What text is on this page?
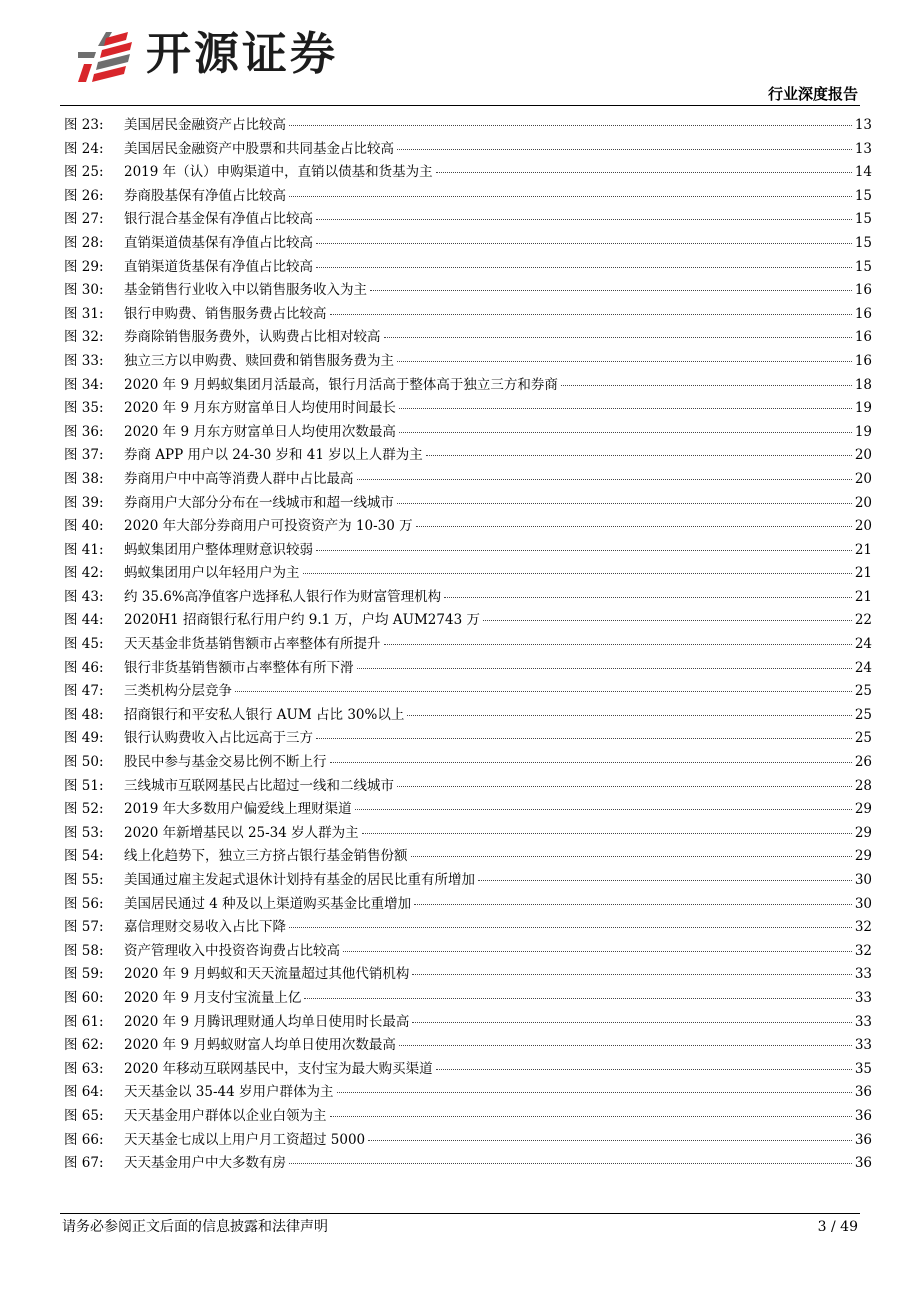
开源证券
行业深度报告
图 23:	美国居民金融资产占比较高	13
图 24:	美国居民金融资产中股票和共同基金占比较高	13
图 25:	2019 年（认）申购渠道中，直销以债基和货基为主	14
图 26:	券商股基保有净值占比较高	15
图 27:	银行混合基金保有净值占比较高	15
图 28:	直销渠道债基保有净值占比较高	15
图 29:	直销渠道货基保有净值占比较高	15
图 30:	基金销售行业收入中以销售服务收入为主	16
图 31:	银行申购费、销售服务费占比较高	16
图 32:	券商除销售服务费外，认购费占比相对较高	16
图 33:	独立三方以申购费、赎回费和销售服务费为主	16
图 34:	2020 年 9 月蚂蚁集团月活最高，银行月活高于整体高于独立三方和券商	18
图 35:	2020 年 9 月东方财富单日人均使用时间最长	19
图 36:	2020 年 9 月东方财富单日人均使用次数最高	19
图 37:	券商 APP 用户以 24-30 岁和 41 岁以上人群为主	20
图 38:	券商用户中中高等消费人群中占比最高	20
图 39:	券商用户大部分分布在一线城市和超一线城市	20
图 40:	2020 年大部分券商用户可投资资产为 10-30 万	20
图 41:	蚂蚁集团用户整体理财意识较弱	21
图 42:	蚂蚁集团用户以年轻用户为主	21
图 43:	约 35.6%高净值客户选择私人银行作为财富管理机构	21
图 44:	2020H1 招商银行私行用户约 9.1 万，户均 AUM2743 万	22
图 45:	天天基金非货基销售额市占率整体有所提升	24
图 46:	银行非货基销售额市占率整体有所下滑	24
图 47:	三类机构分层竞争	25
图 48:	招商银行和平安私人银行 AUM 占比 30%以上	25
图 49:	银行认购费收入占比远高于三方	25
图 50:	股民中参与基金交易比例不断上行	26
图 51:	三线城市互联网基民占比超过一线和二线城市	28
图 52:	2019 年大多数用户偏爱线上理财渠道	29
图 53:	2020 年新增基民以 25-34 岁人群为主	29
图 54:	线上化趋势下，独立三方挤占银行基金销售份额	29
图 55:	美国通过雇主发起式退休计划持有基金的居民比重有所增加	30
图 56:	美国居民通过 4 种及以上渠道购买基金比重增加	30
图 57:	嘉信理财交易收入占比下降	32
图 58:	资产管理收入中投资咨询费占比较高	32
图 59:	2020 年 9 月蚂蚁和天天流量超过其他代销机构	33
图 60:	2020 年 9 月支付宝流量上亿	33
图 61:	2020 年 9 月腾讯理财通人均单日使用时长最高	33
图 62:	2020 年 9 月蚂蚁财富人均单日使用次数最高	33
图 63:	2020 年移动互联网基民中，支付宝为最大购买渠道	35
图 64:	天天基金以 35-44 岁用户群体为主	36
图 65:	天天基金用户群体以企业白领为主	36
图 66:	天天基金七成以上用户月工资超过 5000	36
图 67:	天天基金用户中大多数有房	36
请务必参阅正文后面的信息披露和法律声明	3 / 49
